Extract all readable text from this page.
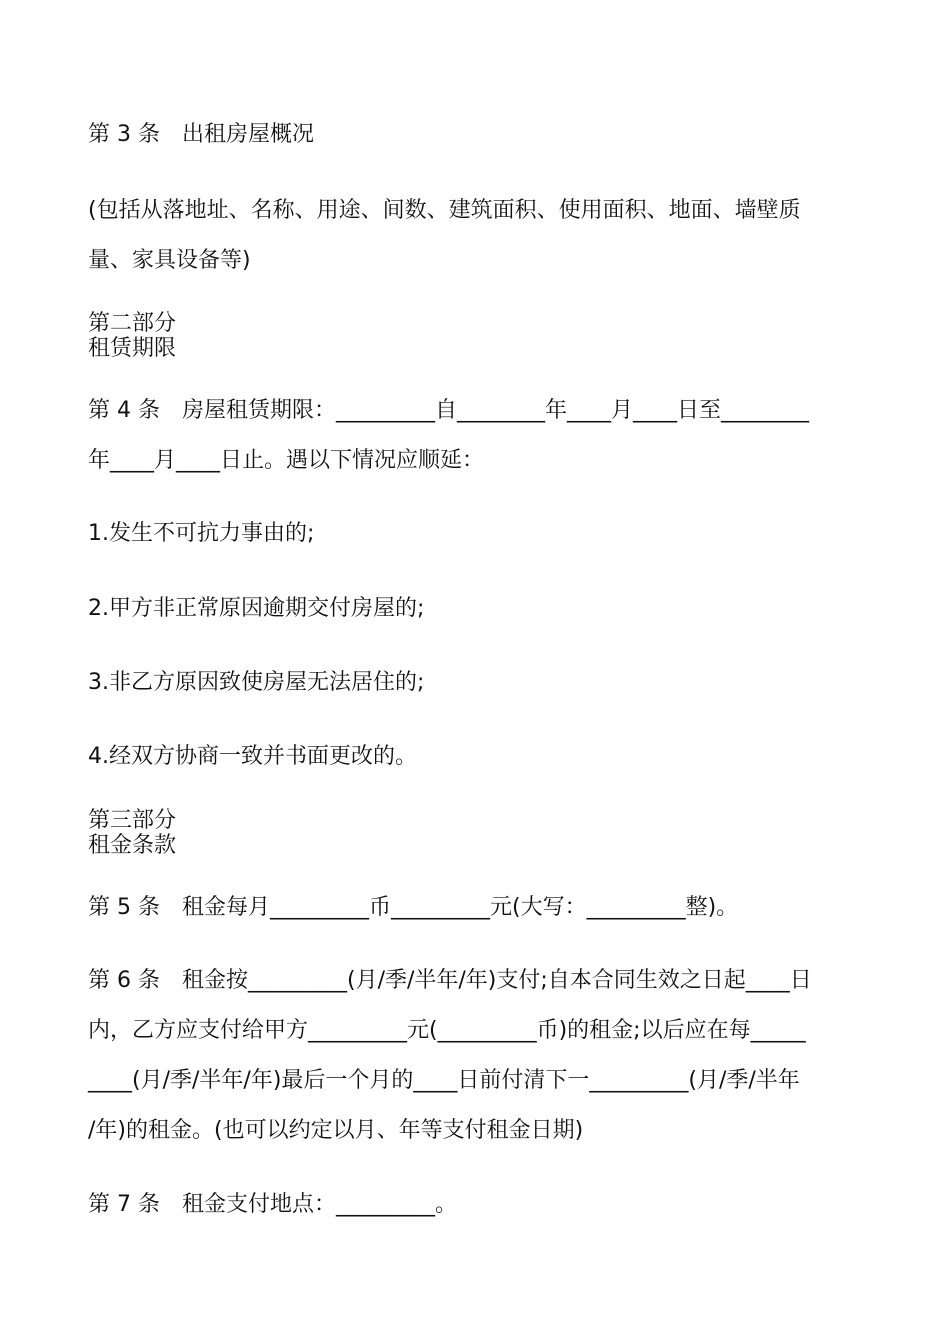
第 3 条　出租房屋概况

(包括从落地址、名称、用途、间数、建筑面积、使用面积、地面、墙壁质

量、家具设备等)

第二部分

租赁期限

第 4 条　房屋租赁期限：_________自________年____月____日至________

年____月____日止。遇以下情况应顺延：

1.发生不可抗力事由的;

2.甲方非正常原因逾期交付房屋的;

3.非乙方原因致使房屋无法居住的;

4.经双方协商一致并书面更改的。

第三部分

租金条款

第 5 条　租金每月_________币_________元(大写：_________整)。

第 6 条　租金按_________(月/季/半年/年)支付;自本合同生效之日起____日

内，乙方应支付给甲方_________元(_________币)的租金;以后应在每_____

____(月/季/半年/年)最后一个月的____日前付清下一_________(月/季/半年

/年)的租金。(也可以约定以月、年等支付租金日期)

第 7 条　租金支付地点：_________。
